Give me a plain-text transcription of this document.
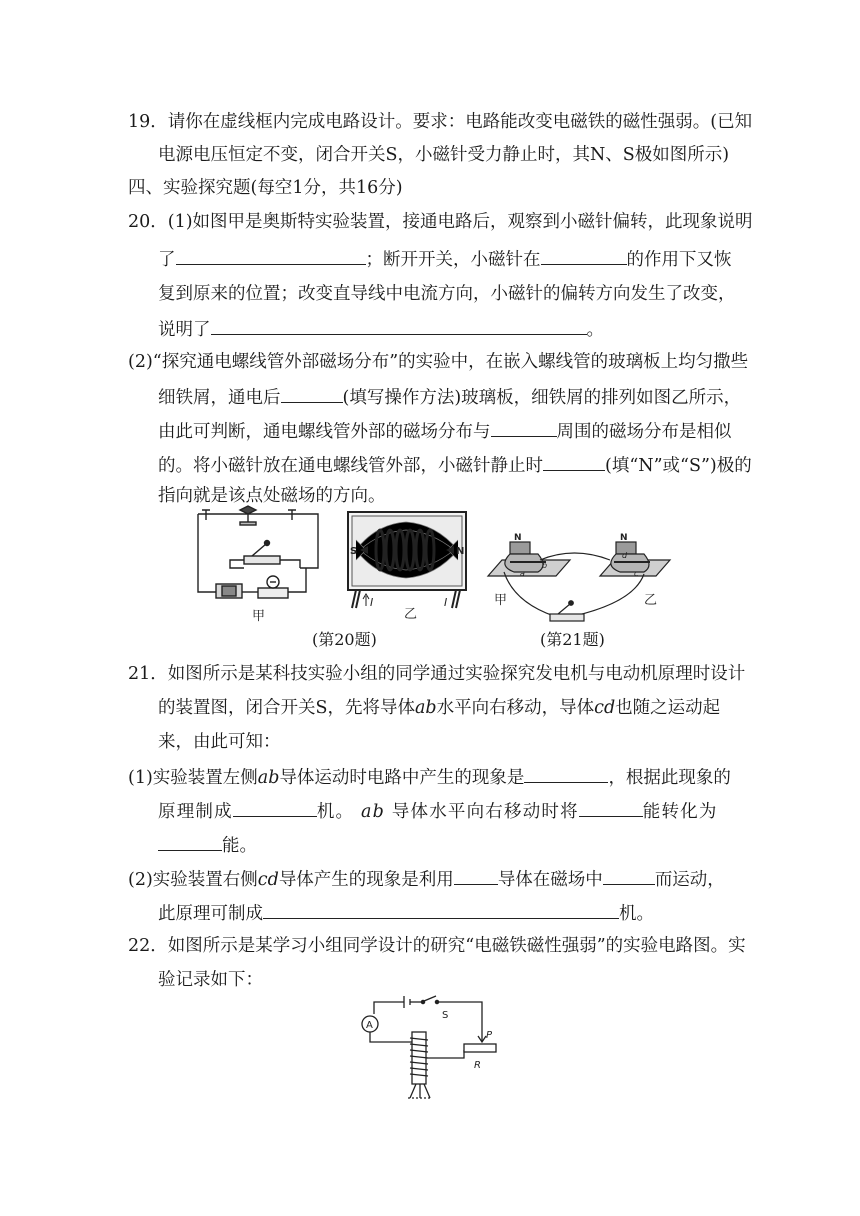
19．请你在虚线框内完成电路设计。要求：电路能改变电磁铁的磁性强弱。(已知
电源电压恒定不变，闭合开关S，小磁针受力静止时，其N、S极如图所示)
四、实验探究题(每空1分，共16分)
20．(1)如图甲是奥斯特实验装置，接通电路后，观察到小磁针偏转，此现象说明
了	；断开开关，小磁针在	的作用下又恢
复到原来的位置；改变直导线中电流方向，小磁针的偏转方向发生了改变，
说明了	。
(2)“探究通电螺线管外部磁场分布”的实验中，在嵌入螺线管的玻璃板上均匀撒些
细铁屑，通电后	(填写操作方法)玻璃板，细铁屑的排列如图乙所示，
由此可判断，通电螺线管外部的磁场分布与	周围的磁场分布是相似
的。将小磁针放在通电螺线管外部，小磁针静止时	(填“N”或“S”)极的
指向就是该点处磁场的方向。
甲
S	N
I	I
乙
N	N
a
b
c
d
甲	乙
(第20题)	(第21题)
21．如图所示是某科技实验小组的同学通过实验探究发电机与电动机原理时设计
的装置图，闭合开关S，先将导体ab水平向右移动，导体cd也随之运动起
来，由此可知：
(1)实验装置左侧ab导体运动时电路中产生的现象是	，根据此现象的
原理制成	机。 ab 导体水平向右移动时将	能转化为
能。
(2)实验装置右侧cd导体产生的现象是利用	导体在磁场中	而运动，
此原理可制成	机。
22．如图所示是某学习小组同学设计的研究“电磁铁磁性强弱”的实验电路图。实
验记录如下：
A
S
P
R
